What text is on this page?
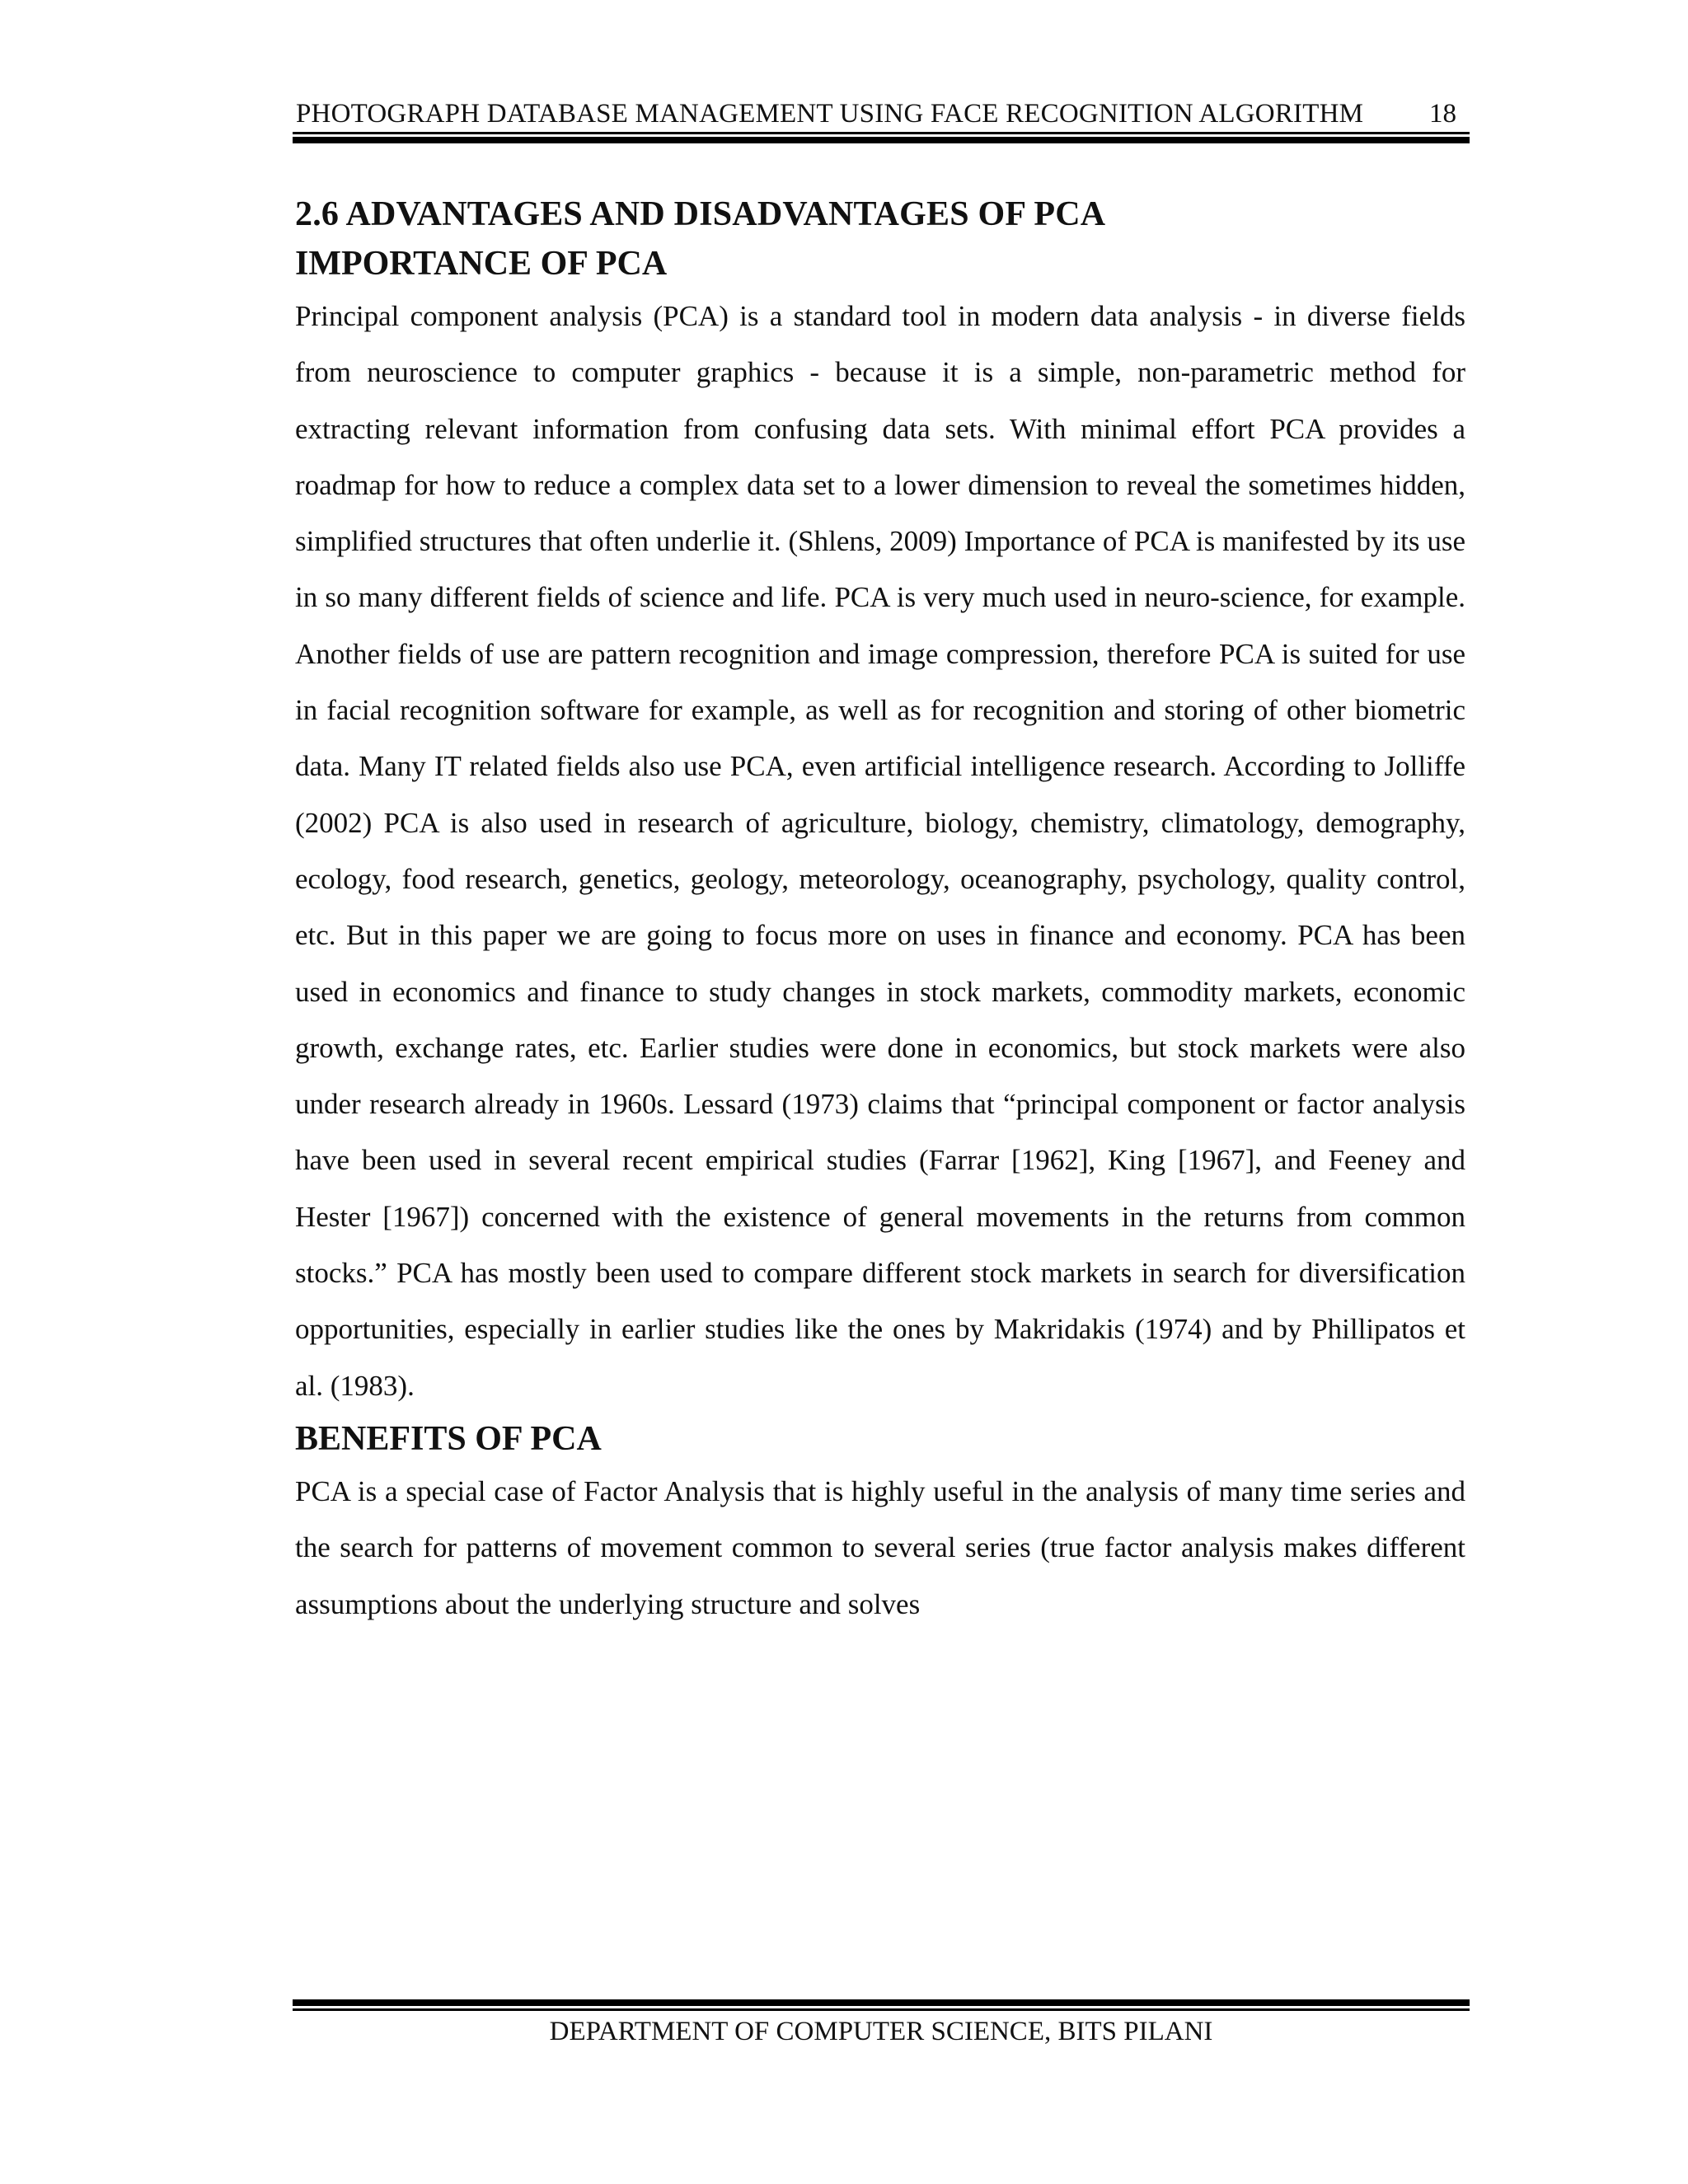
PHOTOGRAPH DATABASE MANAGEMENT USING FACE RECOGNITION ALGORITHM 18
2.6 ADVANTAGES AND DISADVANTAGES OF PCA
IMPORTANCE OF PCA

Principal component analysis (PCA) is a standard tool in modern data analysis - in diverse fields from neuroscience to computer graphics - because it is a simple, non-parametric method for extracting relevant information from confusing data sets. With minimal effort PCA provides a roadmap for how to reduce a complex data set to a lower dimension to reveal the sometimes hidden, simplified structures that often underlie it. (Shlens, 2009) Importance of PCA is manifested by its use in so many different fields of science and life. PCA is very much used in neuro-science, for example. Another fields of use are pattern recognition and image compression, therefore PCA is suited for use in facial recognition software for example, as well as for recognition and storing of other biometric data. Many IT related fields also use PCA, even artificial intelligence research. According to Jolliffe (2002) PCA is also used in research of agriculture, biology, chemistry, climatology, demography, ecology, food research, genetics, geology, meteorology, oceanography, psychology, quality control, etc. But in this paper we are going to focus more on uses in finance and economy. PCA has been used in economics and finance to study changes in stock markets, commodity markets, economic growth, exchange rates, etc. Earlier studies were done in economics, but stock markets were also under research already in 1960s. Lessard (1973) claims that “principal component or factor analysis have been used in several recent empirical studies (Farrar [1962], King [1967], and Feeney and Hester [1967]) concerned with the existence of general movements in the returns from common stocks.” PCA has mostly been used to compare different stock markets in search for diversification opportunities, especially in earlier studies like the ones by Makridakis (1974) and by Phillipatos et al. (1983).

BENEFITS OF PCA

PCA is a special case of Factor Analysis that is highly useful in the analysis of many time series and the search for patterns of movement common to several series (true factor analysis makes different assumptions about the underlying structure and solves

DEPARTMENT OF COMPUTER SCIENCE, BITS PILANI
